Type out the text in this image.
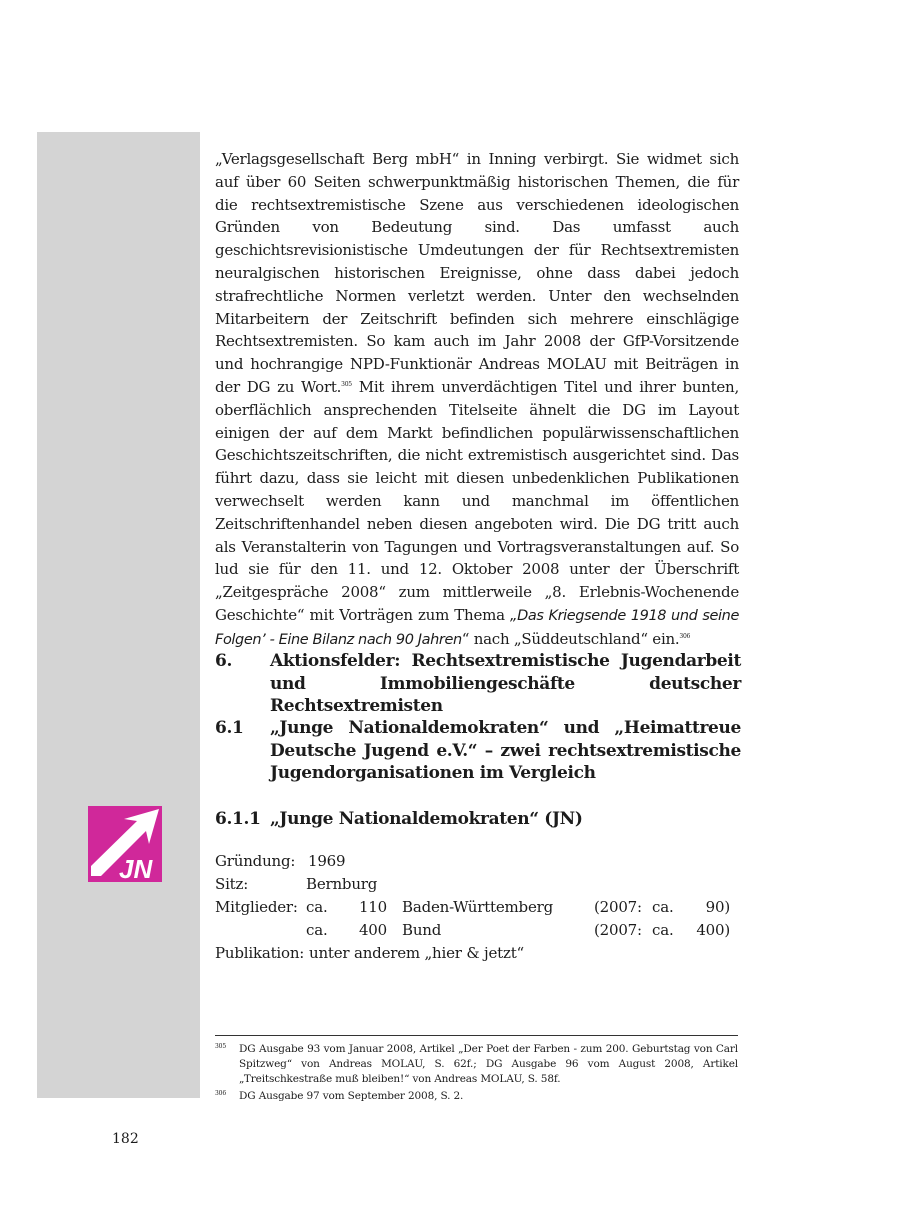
JN

„Verlagsgesellschaft Berg mbH“ in Inning verbirgt. Sie widmet sich auf über 60 Seiten schwerpunktmäßig historischen Themen, die für die rechtsextremistische Szene aus verschiedenen ideologischen Gründen von Bedeutung sind. Das umfasst auch geschichtsrevisionistische Umdeutungen der für Rechtsextremisten neuralgischen historischen Ereignisse, ohne dass dabei jedoch strafrechtliche Normen verletzt werden. Unter den wechselnden Mitarbeitern der Zeitschrift befinden sich mehrere einschlägige Rechtsextremisten. So kam auch im Jahr 2008 der GfP-Vorsitzende und hochrangige NPD-Funktionär Andreas MOLAU mit Beiträgen in der DG zu Wort.$^{305}$ Mit ihrem unverdächtigen Titel und ihrer bunten, oberflächlich ansprechenden Titelseite ähnelt die DG im Layout einigen der auf dem Markt befindlichen populärwissenschaftlichen Geschichtszeitschriften, die nicht extremistisch ausgerichtet sind. Das führt dazu, dass sie leicht mit diesen unbedenklichen Publikationen verwechselt werden kann und manchmal im öffentlichen Zeitschriftenhandel neben diesen angeboten wird. Die DG tritt auch als Veranstalterin von Tagungen und Vortragsveranstaltungen auf. So lud sie für den 11. und 12. Oktober 2008 unter der Überschrift „Zeitgespräche 2008“ zum mittlerweile „8. Erlebnis-Wochenende Geschichte“ mit Vorträgen zum Thema „Das Kriegsende 1918 und seine Folgen’ - Eine Bilanz nach 90 Jahren“ nach „Süddeutschland“ ein.$^{306}$

6.	Aktionsfelder: Rechtsextremistische Jugendarbeit und Immobiliengeschäfte deutscher Rechtsextremisten
6.1	„Junge Nationaldemokraten“ und „Heimattreue Deutsche Jugend e.V.“ – zwei rechtsextremistische Jugendorganisationen im Vergleich
6.1.1 „Junge Nationaldemokraten“ (JN)
Gründung: 1969
Sitz:	Bernburg
Mitglieder: ca. 110 Baden-Württemberg	(2007: ca.	90)
ca. 400 Bund	(2007: ca.	400)
Publikation: unter anderem „hier & jetzt“
305 DG Ausgabe 93 vom Januar 2008, Artikel „Der Poet der Farben - zum 200. Geburtstag von Carl Spitzweg“ von Andreas MOLAU, S. 62f.; DG Ausgabe 96 vom August 2008, Artikel „Treitschkestraße muß bleiben!“ von Andreas MOLAU, S. 58f.
306 DG Ausgabe 97 vom September 2008, S. 2.
182
